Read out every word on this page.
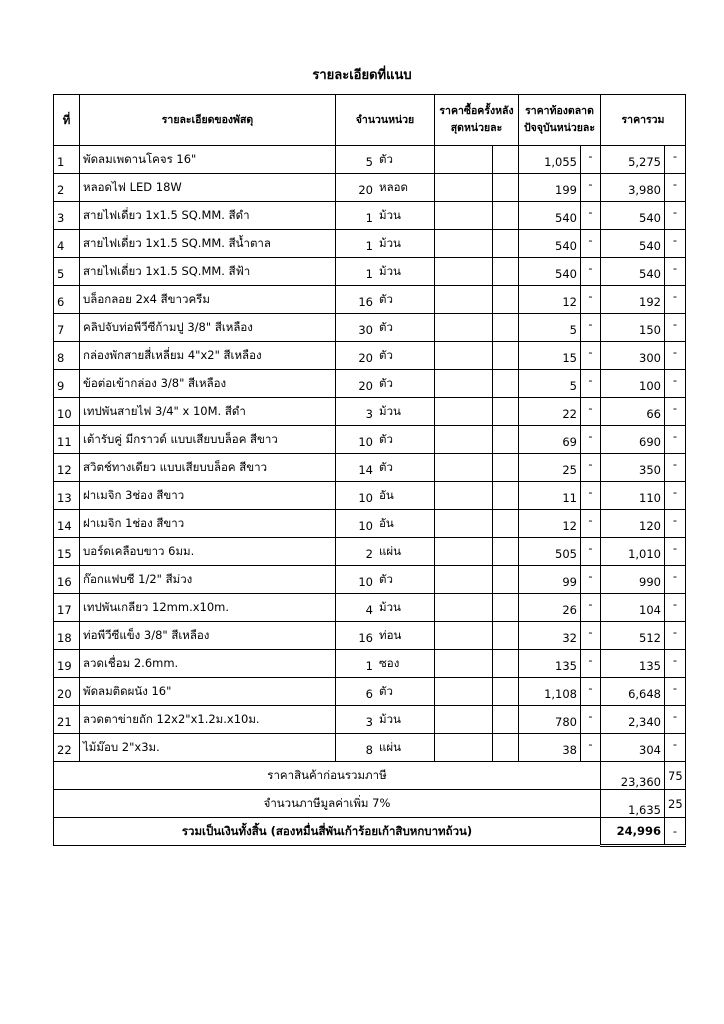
รายละเอียดที่แนบ
ที่	รายละเอียดของพัสดุ	จำนวนหน่วย	ราคาซื้อครั้งหลังสุดหน่วยละ		ราคาท้องตลาดปัจจุบันหน่วยละ		ราคารวม	
1	พัดลมเพดานโคจร 16"	5 ตัว			1,055	-	5,275	-
2	หลอดไฟ LED 18W	20 หลอด			199	-	3,980	-
3	สายไฟเดี่ยว 1x1.5 SQ.MM. สีดำ	1 ม้วน			540	-	540	-
4	สายไฟเดี่ยว 1x1.5 SQ.MM. สีน้ำตาล	1 ม้วน			540	-	540	-
5	สายไฟเดี่ยว 1x1.5 SQ.MM. สีฟ้า	1 ม้วน			540	-	540	-
6	บล็อกลอย 2x4 สีขาวครีม	16 ตัว			12	-	192	-
7	คลิปจับท่อพีวีซีก้ามปู 3/8" สีเหลือง	30 ตัว			5	-	150	-
8	กล่องพักสายสี่เหลี่ยม 4"x2" สีเหลือง	20 ตัว			15	-	300	-
9	ข้อต่อเข้ากล่อง 3/8" สีเหลือง	20 ตัว			5	-	100	-
10	เทปพันสายไฟ 3/4" x 10M. สีดำ	3 ม้วน			22	-	66	-
11	เต้ารับคู่ มีกราวด์ แบบเสียบบล็อค สีขาว	10 ตัว			69	-	690	-
12	สวิตช์ทางเดียว แบบเสียบบล็อค สีขาว	14 ตัว			25	-	350	-
13	ฝาเมจิก 3ช่อง สีขาว	10 อัน			11	-	110	-
14	ฝาเมจิก 1ช่อง สีขาว	10 อัน			12	-	120	-
15	บอร์ดเคลือบขาว 6มม.	2 แผ่น			505	-	1,010	-
16	ก๊อกแฟบซี 1/2" สีม่วง	10 ตัว			99	-	990	-
17	เทปพันเกลียว 12mm.x10m.	4 ม้วน			26	-	104	-
18	ท่อพีวีซีแข็ง 3/8" สีเหลือง	16 ท่อน			32	-	512	-
19	ลวดเชื่อม 2.6mm.	1 ซอง			135	-	135	-
20	พัดลมติดผนัง 16"	6 ตัว			1,108	-	6,648	-
21	ลวดตาข่ายถัก 12x2"x1.2ม.x10ม.	3 ม้วน			780	-	2,340	-
22	ไม้ม๊อบ 2"x3ม.	8 แผ่น			38	-	304	-
ราคาสินค้าก่อนรวมภาษี							23,360	75
จำนวนภาษีมูลค่าเพิ่ม 7%							1,635	25
รวมเป็นเงินทั้งสิ้น (สองหมื่นสี่พันเก้าร้อยเก้าสิบหกบาทถ้วน)							24,996	-
